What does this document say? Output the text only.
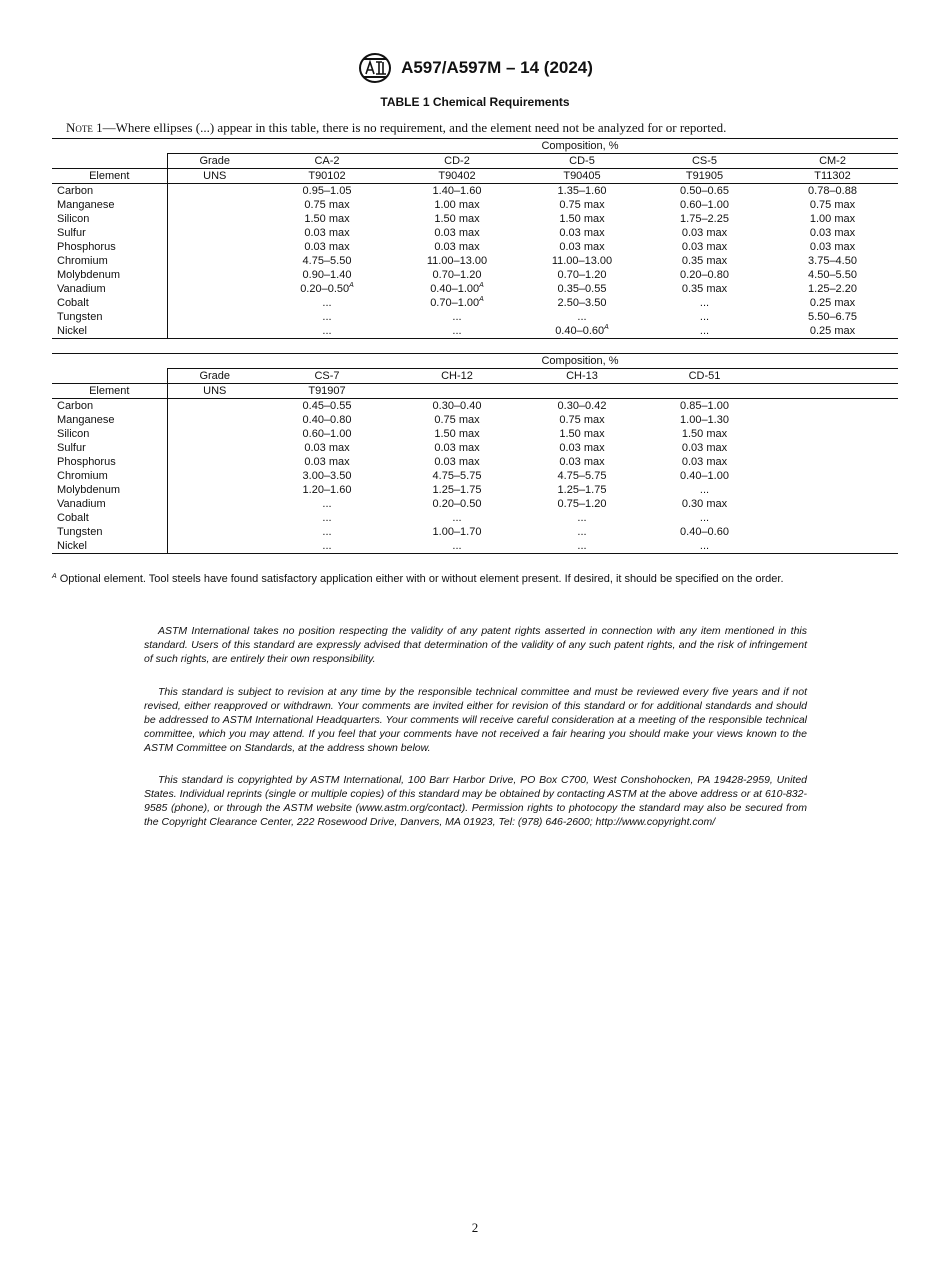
A597/A597M – 14 (2024)
TABLE 1 Chemical Requirements
Note 1—Where ellipses (...) appear in this table, there is no requirement, and the element need not be analyzed for or reported.
		Composition, %				
	Grade	CA-2	CD-2	CD-5	CS-5	CM-2
Element	UNS	T90102	T90402	T90405	T91905	T11302
Carbon		0.95–1.05	1.40–1.60	1.35–1.60	0.50–0.65	0.78–0.88
Manganese		0.75 max	1.00 max	0.75 max	0.60–1.00	0.75 max
Silicon		1.50 max	1.50 max	1.50 max	1.75–2.25	1.00 max
Sulfur		0.03 max	0.03 max	0.03 max	0.03 max	0.03 max
Phosphorus		0.03 max	0.03 max	0.03 max	0.03 max	0.03 max
Chromium		4.75–5.50	11.00–13.00	11.00–13.00	0.35 max	3.75–4.50
Molybdenum		0.90–1.40	0.70–1.20	0.70–1.20	0.20–0.80	4.50–5.50
Vanadium		$0.20-0.50^A$	$0.40-1.00^A$	0.35–0.55	0.35 max	1.25–2.20
Cobalt		...	$0.70-1.00^A$	2.50–3.50	...	0.25 max
Tungsten		...	...	...	...	5.50–6.75
Nickel		...	...	$0.40-0.60^A$	...	0.25 max
		Composition, %				
	Grade	CS-7	CH-12	CH-13	CD-51	
Element	UNS	T91907				
Carbon		0.45–0.55	0.30–0.40	0.30–0.42	0.85–1.00	
Manganese		0.40–0.80	0.75 max	0.75 max	1.00–1.30	
Silicon		0.60–1.00	1.50 max	1.50 max	1.50 max	
Sulfur		0.03 max	0.03 max	0.03 max	0.03 max	
Phosphorus		0.03 max	0.03 max	0.03 max	0.03 max	
Chromium		3.00–3.50	4.75–5.75	4.75–5.75	0.40–1.00	
Molybdenum		1.20–1.60	1.25–1.75	1.25–1.75	...	
Vanadium		...	0.20–0.50	0.75–1.20	0.30 max	
Cobalt		...	...	...	...	
Tungsten		...	1.00–1.70	...	0.40–0.60	
Nickel		...	...	...	...	
$^A$ Optional element. Tool steels have found satisfactory application either with or without element present. If desired, it should be specified on the order.
ASTM International takes no position respecting the validity of any patent rights asserted in connection with any item mentioned in this standard. Users of this standard are expressly advised that determination of the validity of any such patent rights, and the risk of infringement of such rights, are entirely their own responsibility.
This standard is subject to revision at any time by the responsible technical committee and must be reviewed every five years and if not revised, either reapproved or withdrawn. Your comments are invited either for revision of this standard or for additional standards and should be addressed to ASTM International Headquarters. Your comments will receive careful consideration at a meeting of the responsible technical committee, which you may attend. If you feel that your comments have not received a fair hearing you should make your views known to the ASTM Committee on Standards, at the address shown below.
This standard is copyrighted by ASTM International, 100 Barr Harbor Drive, PO Box C700, West Conshohocken, PA 19428-2959, United States. Individual reprints (single or multiple copies) of this standard may be obtained by contacting ASTM at the above address or at 610-832-9585 (phone), or through the ASTM website (www.astm.org/contact). Permission rights to photocopy the standard may also be secured from the Copyright Clearance Center, 222 Rosewood Drive, Danvers, MA 01923, Tel: (978) 646-2600; http://www.copyright.com/
2
